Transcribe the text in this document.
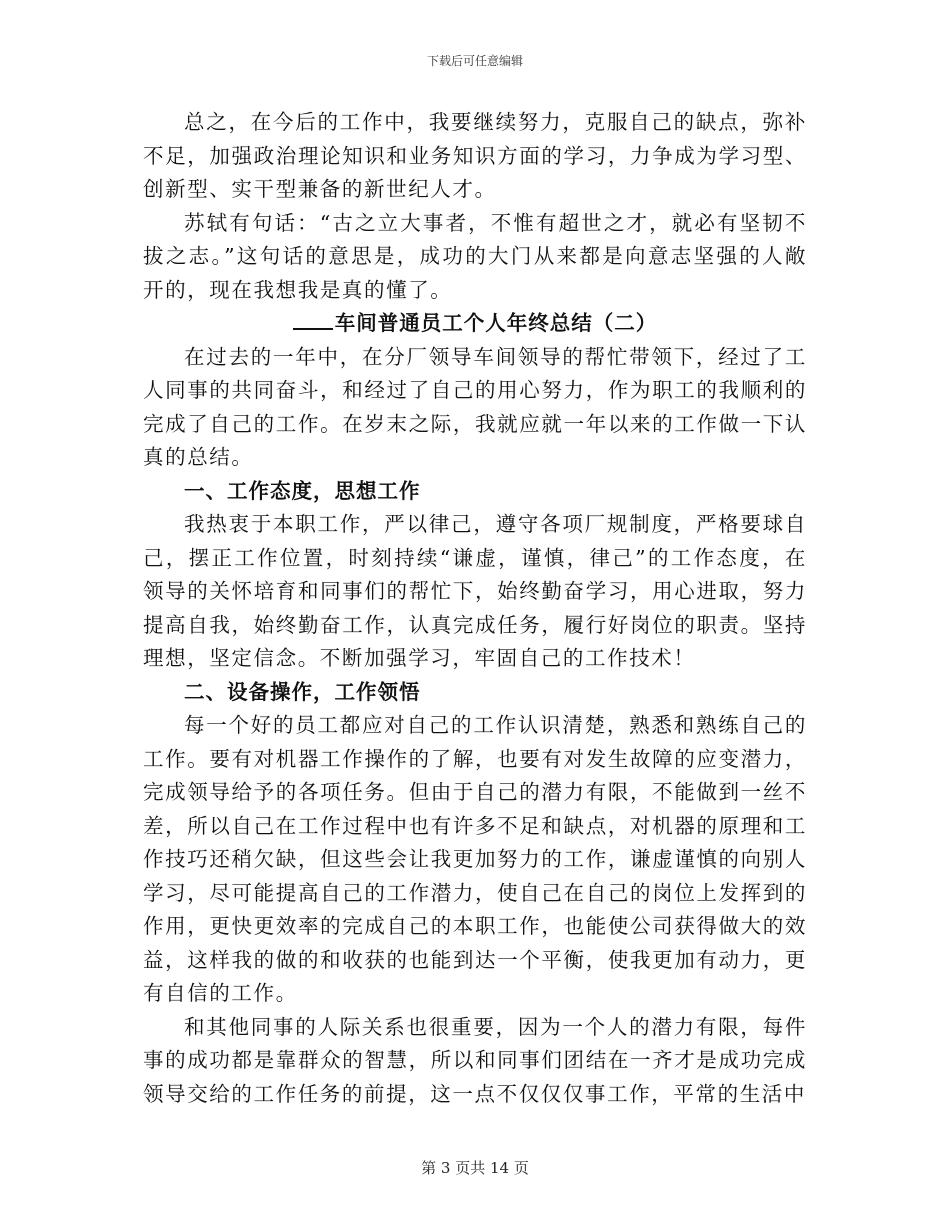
下载后可任意编辑

总之，在今后的工作中，我要继续努力，克服自己的缺点，弥补不足，加强政治理论知识和业务知识方面的学习，力争成为学习型、创新型、实干型兼备的新世纪人才。

苏轼有句话：“古之立大事者，不惟有超世之才，就必有坚韧不拔之志。”这句话的意思是，成功的大门从来都是向意志坚强的人敞开的，现在我想我是真的懂了。

车间普通员工个人年终总结（二）

在过去的一年中，在分厂领导车间领导的帮忙带领下，经过了工人同事的共同奋斗，和经过了自己的用心努力，作为职工的我顺利的完成了自己的工作。在岁末之际，我就应就一年以来的工作做一下认真的总结。

一、工作态度，思想工作

我热衷于本职工作，严以律己，遵守各项厂规制度，严格要球自己，摆正工作位置，时刻持续“谦虚，谨慎，律己”的工作态度，在领导的关怀培育和同事们的帮忙下，始终勤奋学习，用心进取，努力提高自我，始终勤奋工作，认真完成任务，履行好岗位的职责。坚持理想，坚定信念。不断加强学习，牢固自己的工作技术！

二、设备操作，工作领悟

每一个好的员工都应对自己的工作认识清楚，熟悉和熟练自己的工作。要有对机器工作操作的了解，也要有对发生故障的应变潜力，完成领导给予的各项任务。但由于自己的潜力有限，不能做到一丝不差，所以自己在工作过程中也有许多不足和缺点，对机器的原理和工作技巧还稍欠缺，但这些会让我更加努力的工作，谦虚谨慎的向别人学习，尽可能提高自己的工作潜力，使自己在自己的岗位上发挥到的作用，更快更效率的完成自己的本职工作，也能使公司获得做大的效益，这样我的做的和收获的也能到达一个平衡，使我更加有动力，更有自信的工作。

和其他同事的人际关系也很重要，因为一个人的潜力有限，每件事的成功都是靠群众的智慧，所以和同事们团结在一齐才是成功完成领导交给的工作任务的前提，这一点不仅仅仅事工作，平常的生活中

第 3 页共 14 页
